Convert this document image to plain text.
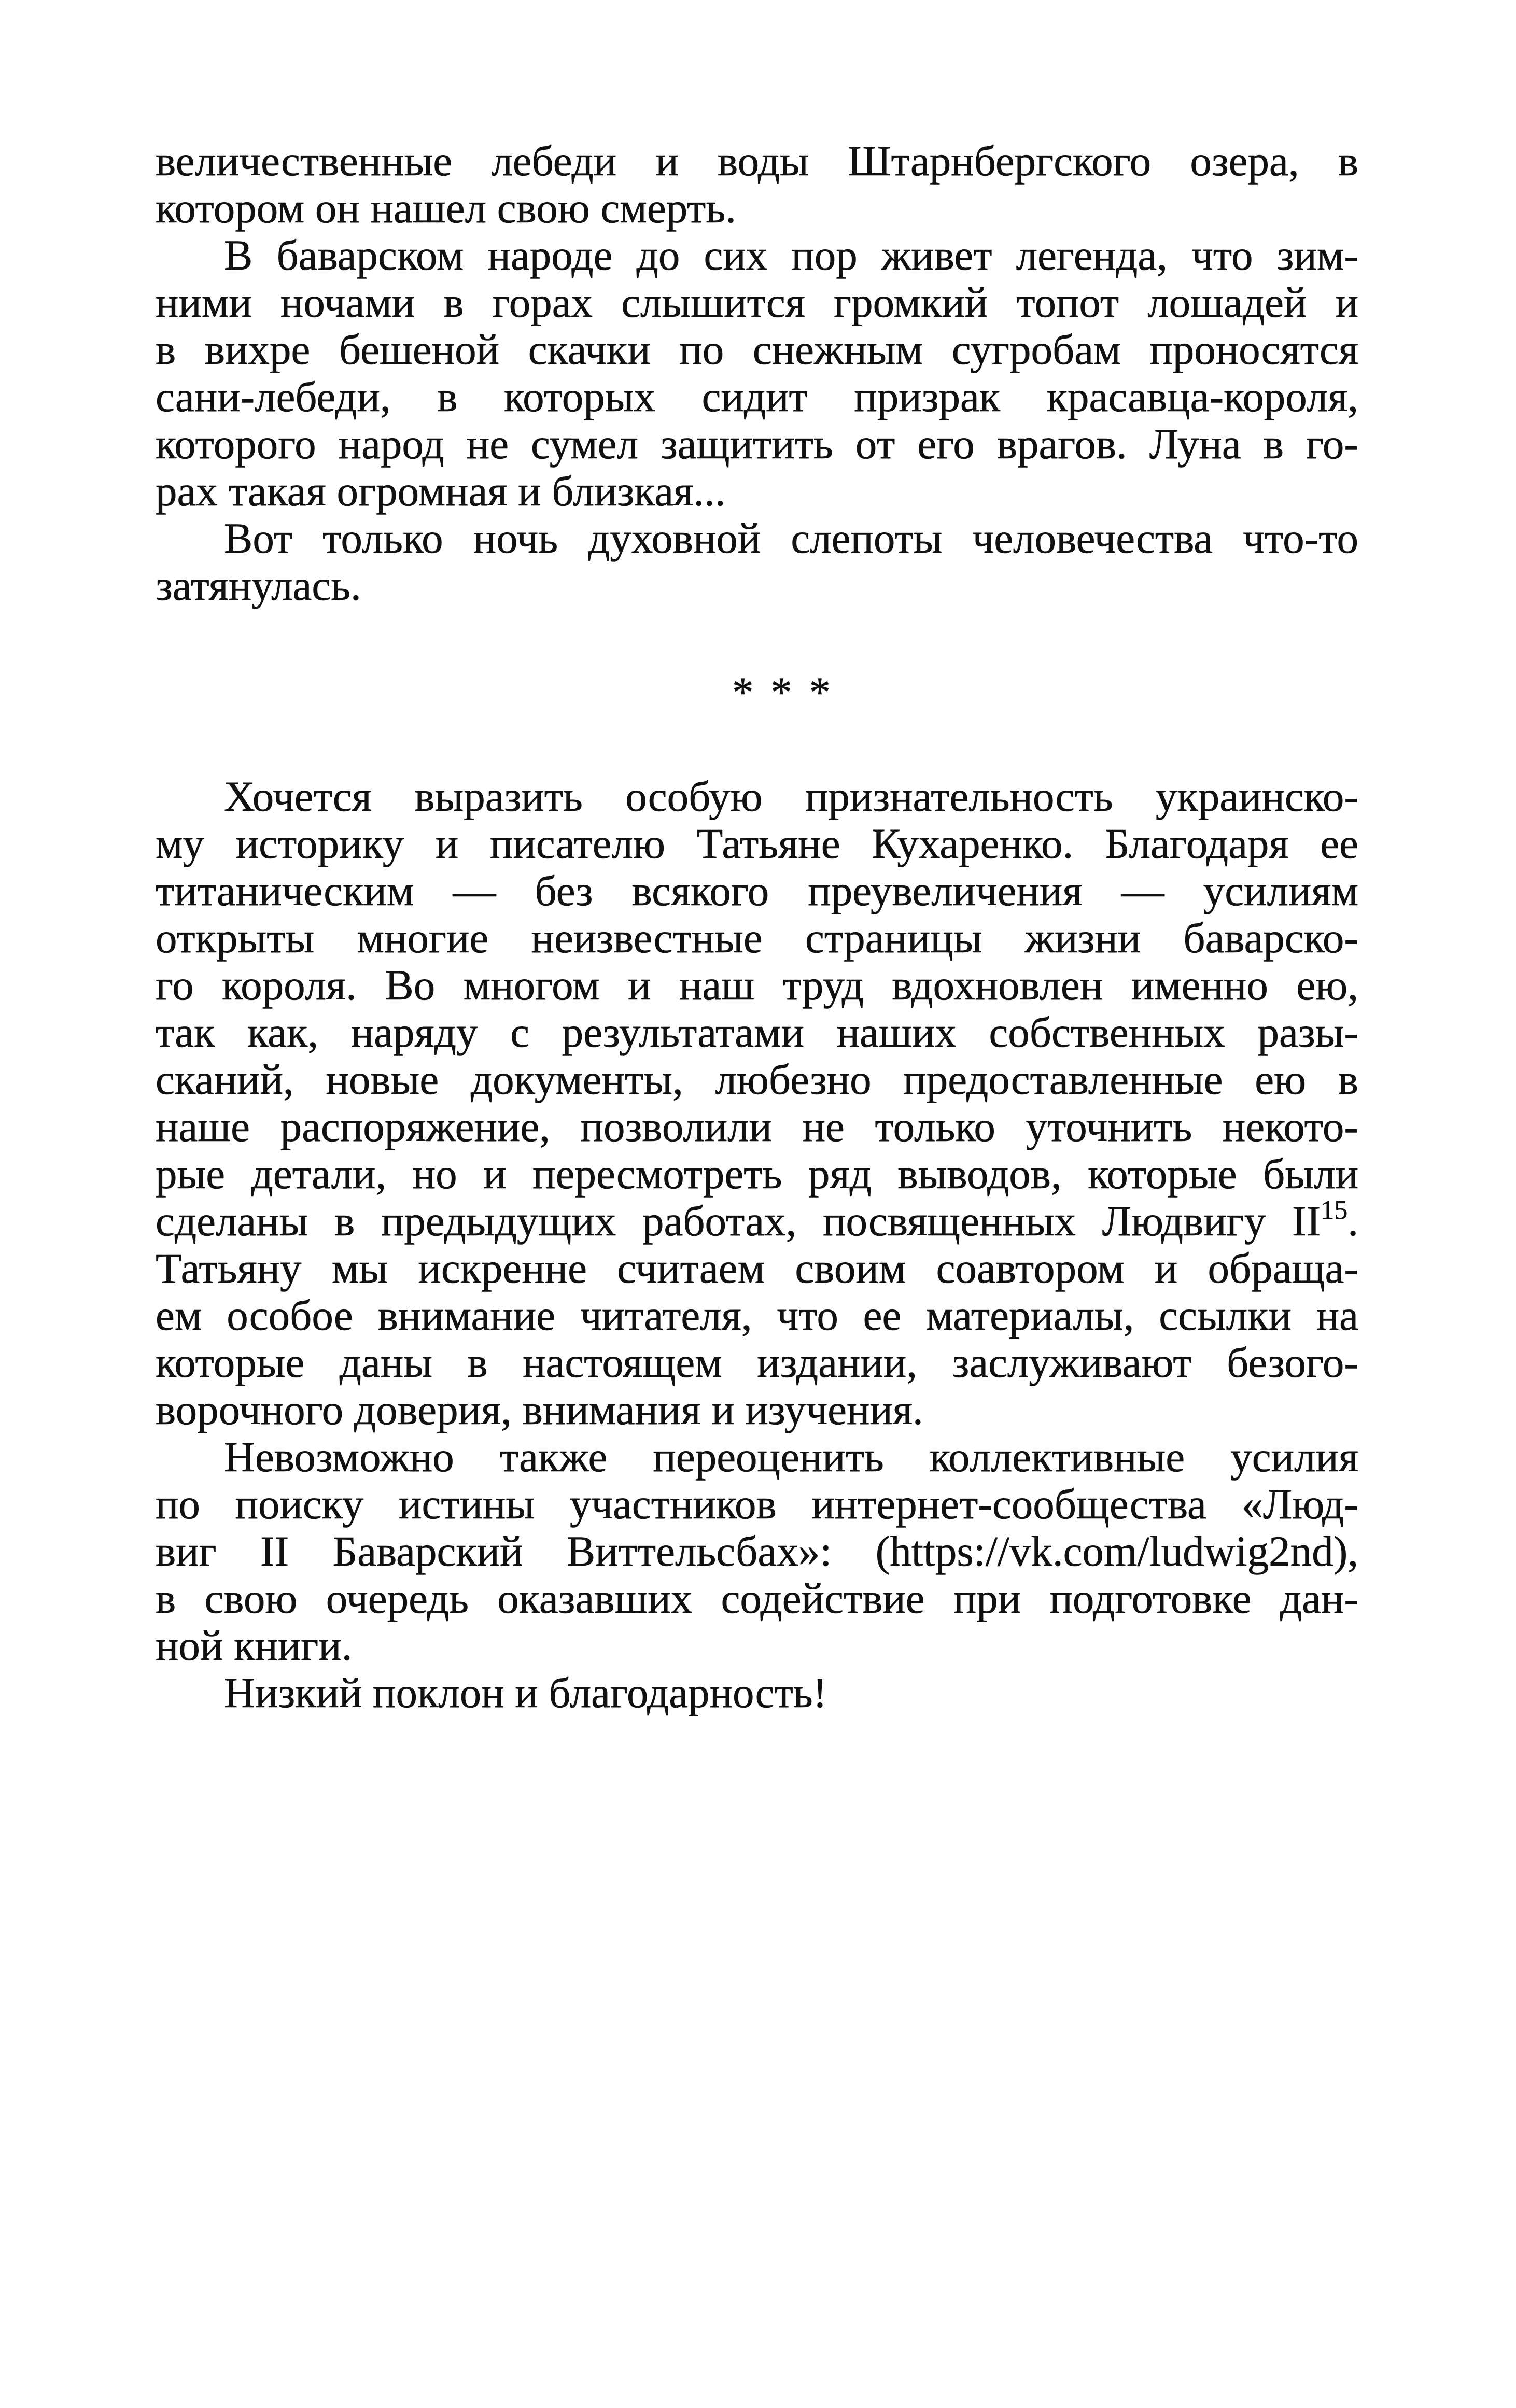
величественные лебеди и воды Штарнбергского озера, в
котором он нашел свою смерть.
В баварском народе до сих пор живет легенда, что зим-
ними ночами в горах слышится громкий топот лошадей и
в вихре бешеной скачки по снежным сугробам проносятся
сани-лебеди, в которых сидит призрак красавца-короля,
которого народ не сумел защитить от его врагов. Луна в го-
рах такая огромная и близкая...
Вот только ночь духовной слепоты человечества что-то
затянулась.
* * *
Хочется выразить особую признательность украинско-
му историку и писателю Татьяне Кухаренко. Благодаря ее
титаническим — без всякого преувеличения — усилиям
открыты многие неизвестные страницы жизни баварско-
го короля. Во многом и наш труд вдохновлен именно ею,
так как, наряду с результатами наших собственных разы-
сканий, новые документы, любезно предоставленные ею в
наше распоряжение, позволили не только уточнить некото-
рые детали, но и пересмотреть ряд выводов, которые были
сделаны в предыдущих работах, посвященных Людвигу II$^{15}$.
Татьяну мы искренне считаем своим соавтором и обраща-
ем особое внимание читателя, что ее материалы, ссылки на
которые даны в настоящем издании, заслуживают безого-
ворочного доверия, внимания и изучения.
Невозможно также переоценить коллективные усилия
по поиску истины участников интернет-сообщества «Люд-
виг II Баварский Виттельсбах»: (https://vk.com/ludwig2nd),
в свою очередь оказавших содействие при подготовке дан-
ной книги.
Низкий поклон и благодарность!
